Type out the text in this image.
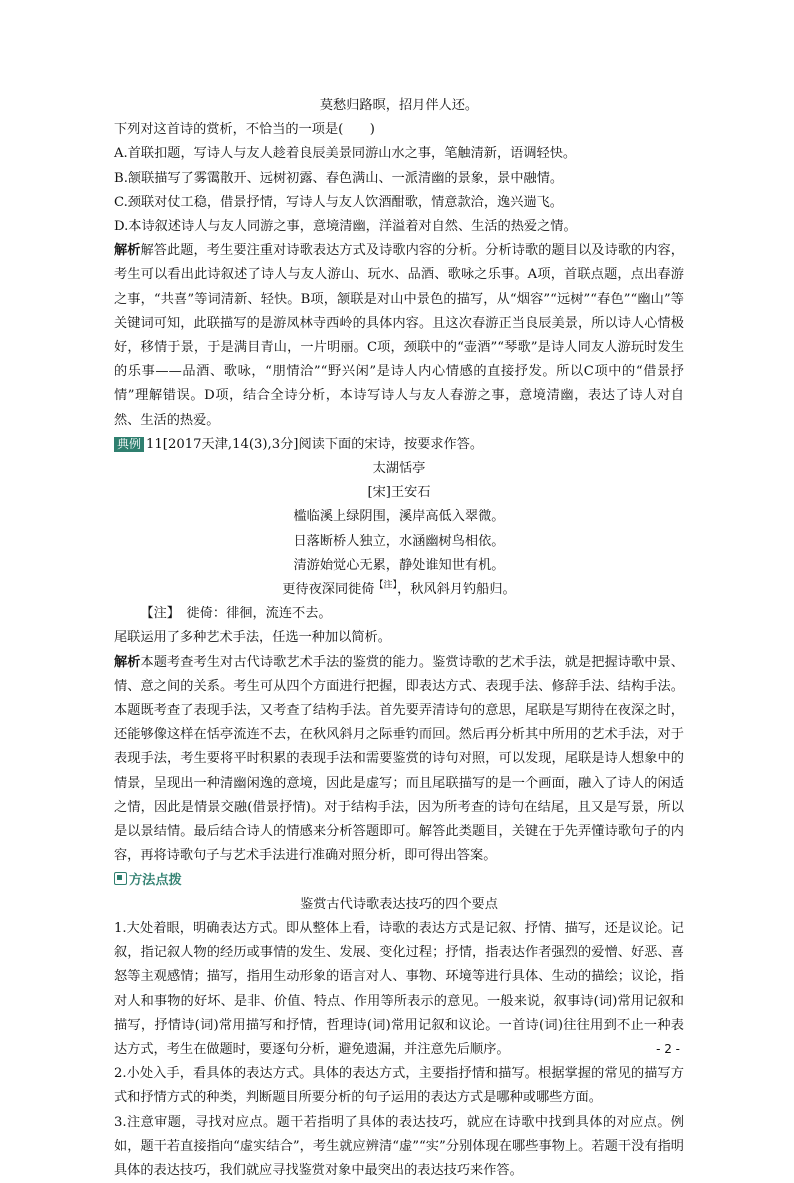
莫愁归路暝，招月伴人还。

下列对这首诗的赏析，不恰当的一项是(　　)

A.首联扣题，写诗人与友人趁着良辰美景同游山水之事，笔触清新，语调轻快。

B.颔联描写了雾霭散开、远树初露、春色满山、一派清幽的景象，景中融情。

C.颈联对仗工稳，借景抒情，写诗人与友人饮酒酣歌，情意款洽，逸兴遄飞。

D.本诗叙述诗人与友人同游之事，意境清幽，洋溢着对自然、生活的热爱之情。

解析解答此题，考生要注重对诗歌表达方式及诗歌内容的分析。分析诗歌的题目以及诗歌的内容，考生可以看出此诗叙述了诗人与友人游山、玩水、品酒、歌咏之乐事。A项，首联点题，点出春游之事，“共喜”等词清新、轻快。B项，颔联是对山中景色的描写，从“烟容”“远树”“春色”“幽山”等关键词可知，此联描写的是游凤林寺西岭的具体内容。且这次春游正当良辰美景，所以诗人心情极好，移情于景，于是满目青山，一片明丽。C项，颈联中的“壶酒”“琴歌”是诗人同友人游玩时发生的乐事——品酒、歌咏，“朋情洽”“野兴闲”是诗人内心情感的直接抒发。所以C项中的“借景抒情”理解错误。D项，结合全诗分析，本诗写诗人与友人春游之事，意境清幽，表达了诗人对自然、生活的热爱。

典例 11[2017天津,14(3),3分]阅读下面的宋诗，按要求作答。

太湖恬亭

[宋]王安石

槛临溪上绿阴围，溪岸高低入翠微。

日落断桥人独立，水涵幽树鸟相依。

清游始觉心无累，静处谁知世有机。

更待夜深同徙倚$^{【注】}$，秋风斜月钓船归。

【注】　徙倚：徘徊，流连不去。

尾联运用了多种艺术手法，任选一种加以简析。

解析本题考查考生对古代诗歌艺术手法的鉴赏的能力。鉴赏诗歌的艺术手法，就是把握诗歌中景、情、意之间的关系。考生可从四个方面进行把握，即表达方式、表现手法、修辞手法、结构手法。本题既考查了表现手法，又考查了结构手法。首先要弄清诗句的意思，尾联是写期待在夜深之时，还能够像这样在恬亭流连不去，在秋风斜月之际垂钓而回。然后再分析其中所用的艺术手法，对于表现手法，考生要将平时积累的表现手法和需要鉴赏的诗句对照，可以发现，尾联是诗人想象中的情景，呈现出一种清幽闲逸的意境，因此是虚写；而且尾联描写的是一个画面，融入了诗人的闲适之情，因此是情景交融(借景抒情)。对于结构手法，因为所考查的诗句在结尾，且又是写景，所以是以景结情。最后结合诗人的情感来分析答题即可。解答此类题目，关键在于先弄懂诗歌句子的内容，再将诗歌句子与艺术手法进行准确对照分析，即可得出答案。

方法点拨

鉴赏古代诗歌表达技巧的四个要点

1.大处着眼，明确表达方式。即从整体上看，诗歌的表达方式是记叙、抒情、描写，还是议论。记叙，指记叙人物的经历或事情的发生、发展、变化过程；抒情，指表达作者强烈的爱憎、好恶、喜怒等主观感情；描写，指用生动形象的语言对人、事物、环境等进行具体、生动的描绘；议论，指对人和事物的好坏、是非、价值、特点、作用等所表示的意见。一般来说，叙事诗(词)常用记叙和描写，抒情诗(词)常用描写和抒情，哲理诗(词)常用记叙和议论。一首诗(词)往往用到不止一种表达方式，考生在做题时，要逐句分析，避免遗漏，并注意先后顺序。

2.小处入手，看具体的表达方式。具体的表达方式，主要指抒情和描写。根据掌握的常见的描写方式和抒情方式的种类，判断题目所要分析的句子运用的表达方式是哪种或哪些方面。

3.注意审题，寻找对应点。题干若指明了具体的表达技巧，就应在诗歌中找到具体的对应点。例如，题干若直接指向“虚实结合”，考生就应辨清“虚”“实”分别体现在哪些事物上。若题干没有指明具体的表达技巧，我们就应寻找鉴赏对象中最突出的表达技巧来作答。

- 2 -
